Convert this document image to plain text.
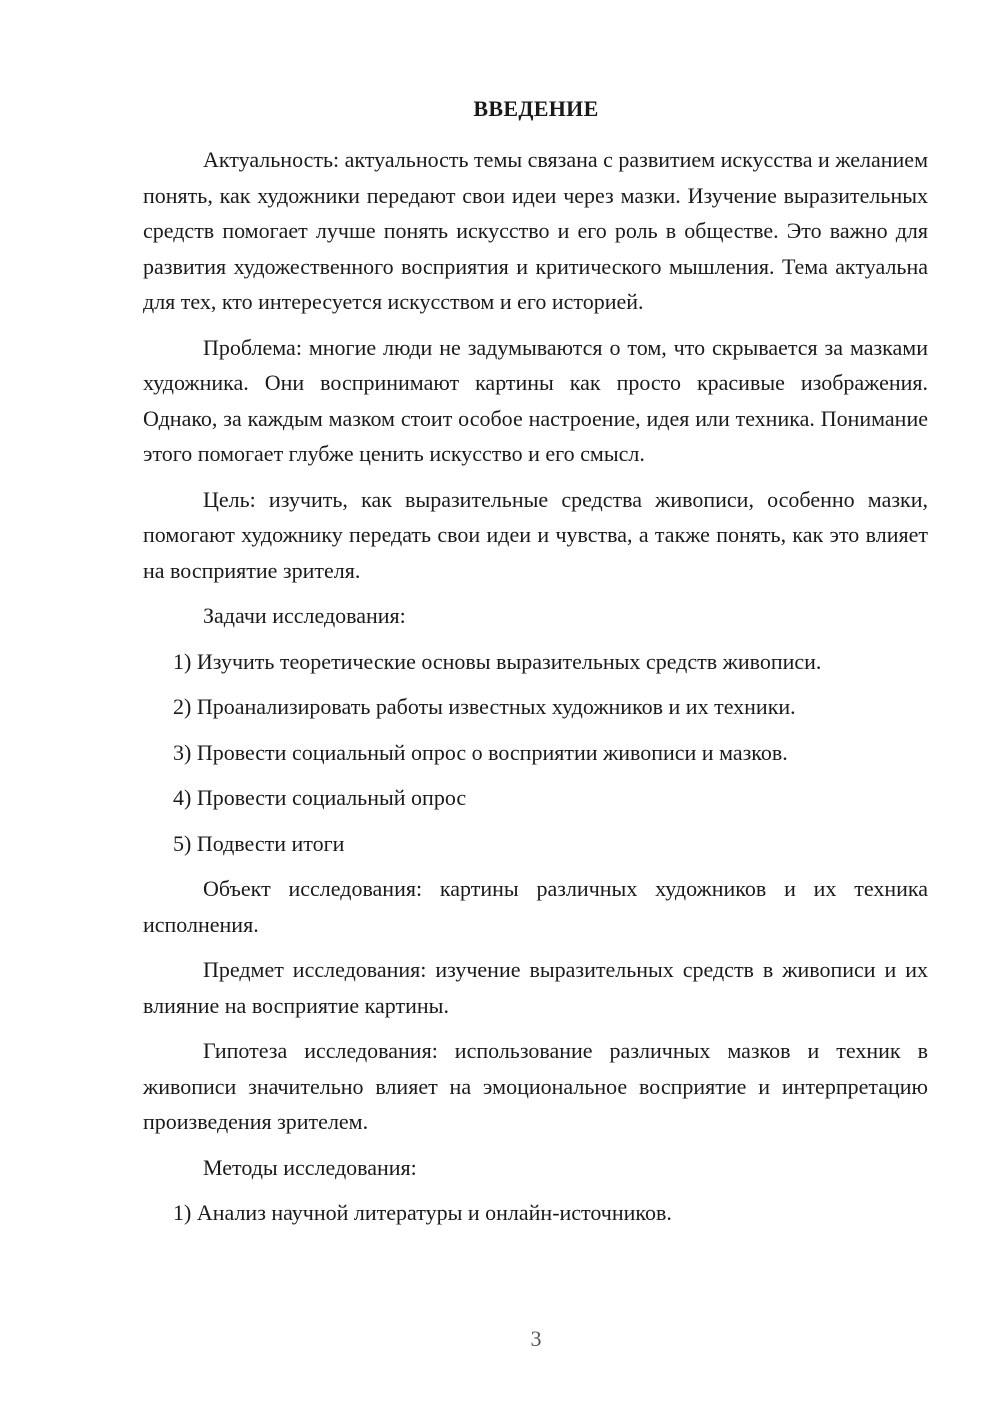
ВВЕДЕНИЕ

Актуальность: актуальность темы связана с развитием искусства и желанием понять, как художники передают свои идеи через мазки. Изучение выразительных средств помогает лучше понять искусство и его роль в обществе. Это важно для развития художественного восприятия и критического мышления. Тема актуальна для тех, кто интересуется искусством и его историей.

Проблема: многие люди не задумываются о том, что скрывается за мазками художника. Они воспринимают картины как просто красивые изображения. Однако, за каждым мазком стоит особое настроение, идея или техника. Понимание этого помогает глубже ценить искусство и его смысл.

Цель: изучить, как выразительные средства живописи, особенно мазки, помогают художнику передать свои идеи и чувства, а также понять, как это влияет на восприятие зрителя.

Задачи исследования:

1) Изучить теоретические основы выразительных средств живописи.

2) Проанализировать работы известных художников и их техники.

3) Провести социальный опрос о восприятии живописи и мазков.

4) Провести социальный опрос

5) Подвести итоги

Объект исследования: картины различных художников и их техника исполнения.

Предмет исследования: изучение выразительных средств в живописи и их влияние на восприятие картины.

Гипотеза исследования: использование различных мазков и техник в живописи значительно влияет на эмоциональное восприятие и интерпретацию произведения зрителем.

Методы исследования:

1) Анализ научной литературы и онлайн-источников.

3
